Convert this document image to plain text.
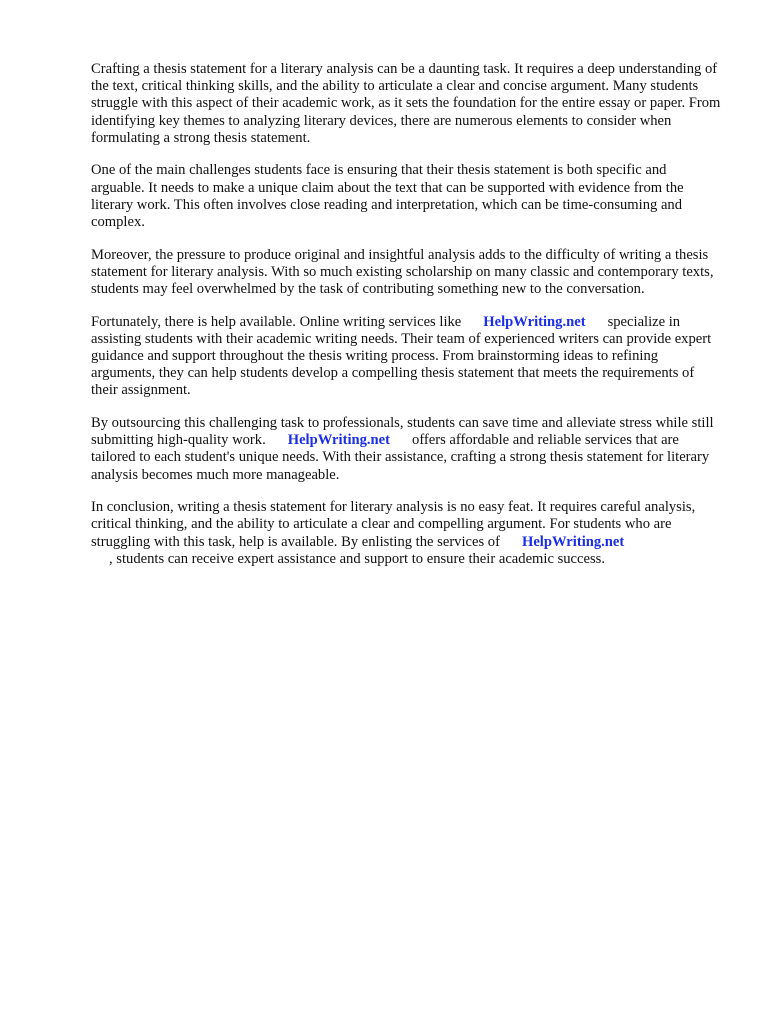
Crafting a thesis statement for a literary analysis can be a daunting task. It requires a deep understanding of the text, critical thinking skills, and the ability to articulate a clear and concise argument. Many students struggle with this aspect of their academic work, as it sets the foundation for the entire essay or paper. From identifying key themes to analyzing literary devices, there are numerous elements to consider when formulating a strong thesis statement.

One of the main challenges students face is ensuring that their thesis statement is both specific and arguable. It needs to make a unique claim about the text that can be supported with evidence from the literary work. This often involves close reading and interpretation, which can be time-consuming and complex.

Moreover, the pressure to produce original and insightful analysis adds to the difficulty of writing a thesis statement for literary analysis. With so much existing scholarship on many classic and contemporary texts, students may feel overwhelmed by the task of contributing something new to the conversation.

Fortunately, there is help available. Online writing services like HelpWriting.net specialize in assisting students with their academic writing needs. Their team of experienced writers can provide expert guidance and support throughout the thesis writing process. From brainstorming ideas to refining arguments, they can help students develop a compelling thesis statement that meets the requirements of their assignment.

By outsourcing this challenging task to professionals, students can save time and alleviate stress while still submitting high-quality work. HelpWriting.net offers affordable and reliable services that are tailored to each student's unique needs. With their assistance, crafting a strong thesis statement for literary analysis becomes much more manageable.

In conclusion, writing a thesis statement for literary analysis is no easy feat. It requires careful analysis, critical thinking, and the ability to articulate a clear and compelling argument. For students who are struggling with this task, help is available. By enlisting the services of HelpWriting.net
, students can receive expert assistance and support to ensure their academic success.
